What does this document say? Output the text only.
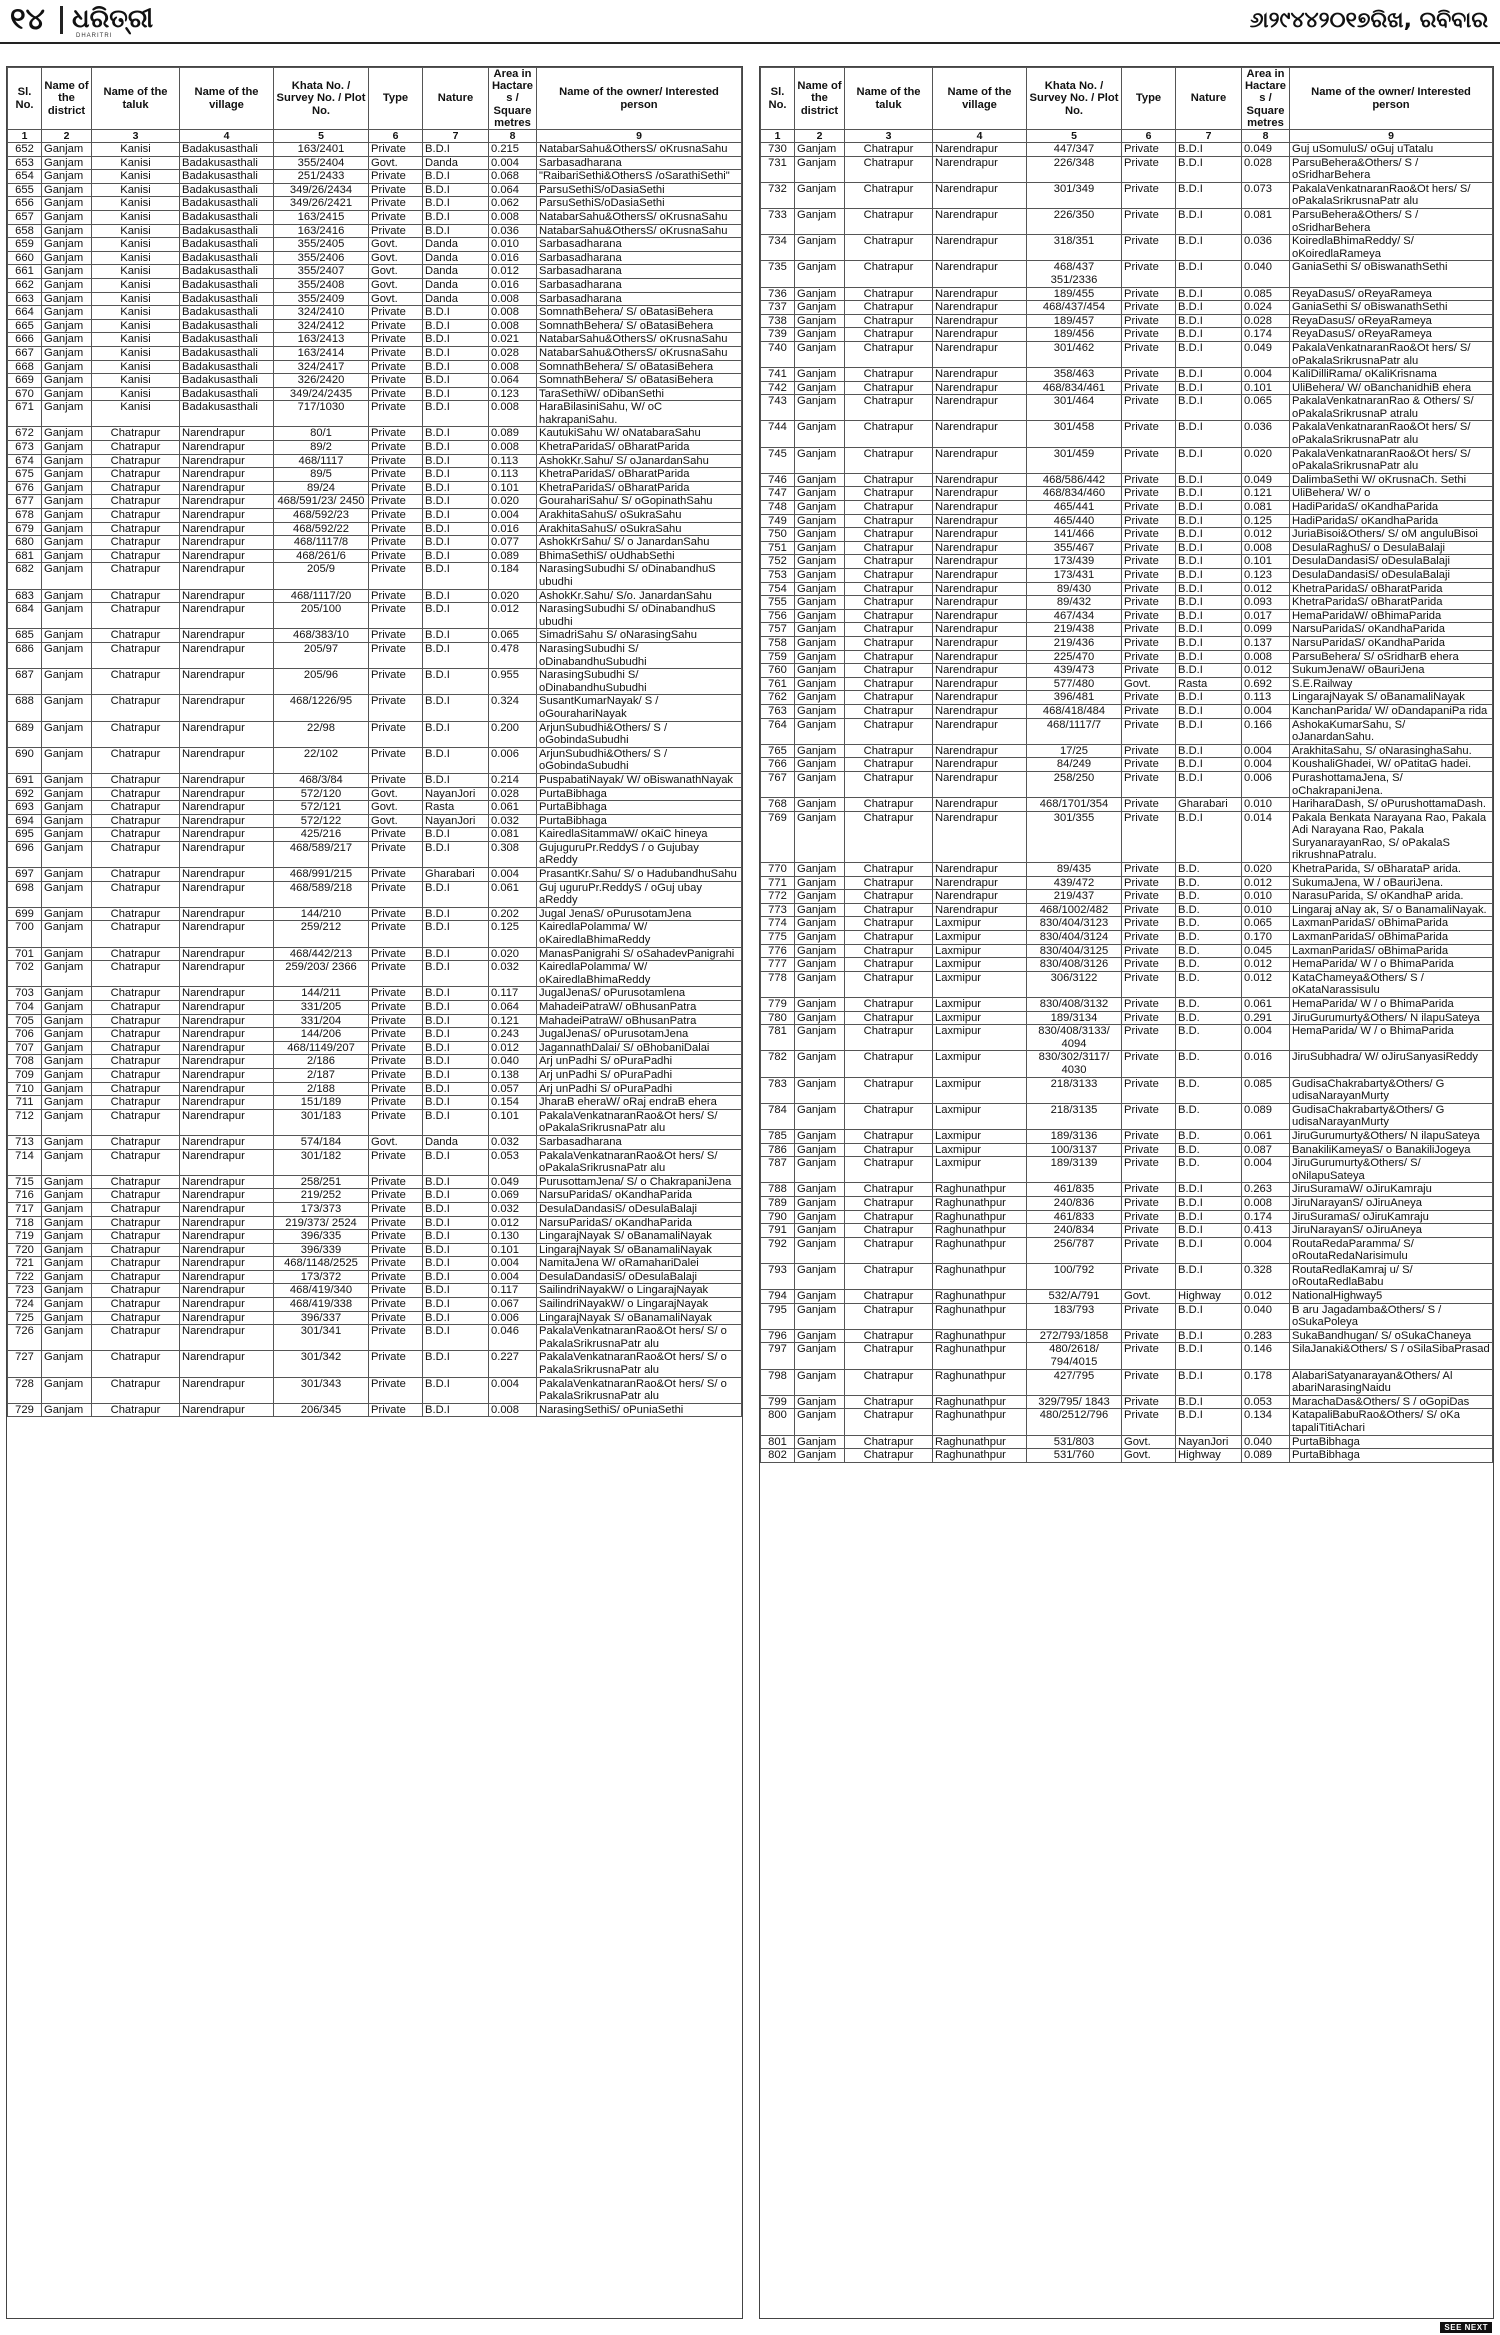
୧୪ ଧରିତ୍ରୀ
DHARITRI
୬ା୨୯୪୪୨୦୧୭ରିଖ, ରବିବାର
Sl. No.	Name of the district	Name of the taluk	Name of the village	Khata No. / Survey No. / Plot No.	Type	Nature	Area in Hactares / Square metres	Name of the owner/ Interested person
1	2	3	4	5	6	7	8	9
652	Ganjam	Kanisi	Badakusasthali	163/2401	Private	B.D.I	0.215	NatabarSahu&OthersS/ oKrusnaSahu
653	Ganjam	Kanisi	Badakusasthali	355/2404	Govt.	Danda	0.004	Sarbasadharana
654	Ganjam	Kanisi	Badakusasthali	251/2433	Private	B.D.I	0.068	"RaibariSethi&OthersS /oSarathiSethi"
655	Ganjam	Kanisi	Badakusasthali	349/26/2434	Private	B.D.I	0.064	ParsuSethiS/oDasiaSethi
656	Ganjam	Kanisi	Badakusasthali	349/26/2421	Private	B.D.I	0.062	ParsuSethiS/oDasiaSethi
657	Ganjam	Kanisi	Badakusasthali	163/2415	Private	B.D.I	0.008	NatabarSahu&OthersS/ oKrusnaSahu
658	Ganjam	Kanisi	Badakusasthali	163/2416	Private	B.D.I	0.036	NatabarSahu&OthersS/ oKrusnaSahu
659	Ganjam	Kanisi	Badakusasthali	355/2405	Govt.	Danda	0.010	Sarbasadharana
660	Ganjam	Kanisi	Badakusasthali	355/2406	Govt.	Danda	0.016	Sarbasadharana
661	Ganjam	Kanisi	Badakusasthali	355/2407	Govt.	Danda	0.012	Sarbasadharana
662	Ganjam	Kanisi	Badakusasthali	355/2408	Govt.	Danda	0.016	Sarbasadharana
663	Ganjam	Kanisi	Badakusasthali	355/2409	Govt.	Danda	0.008	Sarbasadharana
664	Ganjam	Kanisi	Badakusasthali	324/2410	Private	B.D.I	0.008	SomnathBehera/ S/ oBatasiBehera
665	Ganjam	Kanisi	Badakusasthali	324/2412	Private	B.D.I	0.008	SomnathBehera/ S/ oBatasiBehera
666	Ganjam	Kanisi	Badakusasthali	163/2413	Private	B.D.I	0.021	NatabarSahu&OthersS/ oKrusnaSahu
667	Ganjam	Kanisi	Badakusasthali	163/2414	Private	B.D.I	0.028	NatabarSahu&OthersS/ oKrusnaSahu
668	Ganjam	Kanisi	Badakusasthali	324/2417	Private	B.D.I	0.008	SomnathBehera/ S/ oBatasiBehera
669	Ganjam	Kanisi	Badakusasthali	326/2420	Private	B.D.I	0.064	SomnathBehera/ S/ oBatasiBehera
670	Ganjam	Kanisi	Badakusasthali	349/24/2435	Private	B.D.I	0.123	TaraSethiW/ oDibanSethi
671	Ganjam	Kanisi	Badakusasthali	717/1030	Private	B.D.I	0.008	HaraBilasiniSahu, W/ oC hakrapaniSahu.
672	Ganjam	Chatrapur	Narendrapur	80/1	Private	B.D.I	0.089	KautukiSahu W/ oNatabaraSahu
673	Ganjam	Chatrapur	Narendrapur	89/2	Private	B.D.I	0.008	KhetraParidaS/ oBharatParida
674	Ganjam	Chatrapur	Narendrapur	468/1117	Private	B.D.I	0.113	AshokKr.Sahu/ S/ oJanardanSahu
675	Ganjam	Chatrapur	Narendrapur	89/5	Private	B.D.I	0.113	KhetraParidaS/ oBharatParida
676	Ganjam	Chatrapur	Narendrapur	89/24	Private	B.D.I	0.101	KhetraParidaS/ oBharatParida
677	Ganjam	Chatrapur	Narendrapur	468/591/23/ 2450	Private	B.D.I	0.020	GourahariSahu/ S/ oGopinathSahu
678	Ganjam	Chatrapur	Narendrapur	468/592/23	Private	B.D.I	0.004	ArakhitaSahuS/ oSukraSahu
679	Ganjam	Chatrapur	Narendrapur	468/592/22	Private	B.D.I	0.016	ArakhitaSahuS/ oSukraSahu
680	Ganjam	Chatrapur	Narendrapur	468/1117/8	Private	B.D.I	0.077	AshokKrSahu/ S/ o JanardanSahu
681	Ganjam	Chatrapur	Narendrapur	468/261/6	Private	B.D.I	0.089	BhimaSethiS/ oUdhabSethi
682	Ganjam	Chatrapur	Narendrapur	205/9	Private	B.D.I	0.184	NarasingSubudhi S/ oDinabandhuS ubudhi
683	Ganjam	Chatrapur	Narendrapur	468/1117/20	Private	B.D.I	0.020	AshokKr.Sahu/ S/o. JanardanSahu
684	Ganjam	Chatrapur	Narendrapur	205/100	Private	B.D.I	0.012	NarasingSubudhi S/ oDinabandhuS ubudhi
685	Ganjam	Chatrapur	Narendrapur	468/383/10	Private	B.D.I	0.065	SimadriSahu S/ oNarasingSahu
686	Ganjam	Chatrapur	Narendrapur	205/97	Private	B.D.I	0.478	NarasingSubudhi S/ oDinabandhuSubudhi
687	Ganjam	Chatrapur	Narendrapur	205/96	Private	B.D.I	0.955	NarasingSubudhi S/ oDinabandhuSubudhi
688	Ganjam	Chatrapur	Narendrapur	468/1226/95	Private	B.D.I	0.324	SusantKumarNayak/ S / oGourahariNayak
689	Ganjam	Chatrapur	Narendrapur	22/98	Private	B.D.I	0.200	ArjunSubudhi&Others/ S / oGobindaSubudhi
690	Ganjam	Chatrapur	Narendrapur	22/102	Private	B.D.I	0.006	ArjunSubudhi&Others/ S / oGobindaSubudhi
691	Ganjam	Chatrapur	Narendrapur	468/3/84	Private	B.D.I	0.214	PuspabatiNayak/ W/ oBiswanathNayak
692	Ganjam	Chatrapur	Narendrapur	572/120	Govt.	NayanJori	0.028	PurtaBibhaga
693	Ganjam	Chatrapur	Narendrapur	572/121	Govt.	Rasta	0.061	PurtaBibhaga
694	Ganjam	Chatrapur	Narendrapur	572/122	Govt.	NayanJori	0.032	PurtaBibhaga
695	Ganjam	Chatrapur	Narendrapur	425/216	Private	B.D.I	0.081	KairedlaSitammaW/ oKaiC hineya
696	Ganjam	Chatrapur	Narendrapur	468/589/217	Private	B.D.I	0.308	GujuguruPr.ReddyS / o Gujubay aReddy
697	Ganjam	Chatrapur	Narendrapur	468/991/215	Private	Gharabari	0.004	PrasantKr.Sahu/ S/ o HadubandhuSahu
698	Ganjam	Chatrapur	Narendrapur	468/589/218	Private	B.D.I	0.061	Guj uguruPr.ReddyS / oGuj ubay aReddy
699	Ganjam	Chatrapur	Narendrapur	144/210	Private	B.D.I	0.202	Jugal JenaS/ oPurusotamJena
700	Ganjam	Chatrapur	Narendrapur	259/212	Private	B.D.I	0.125	KairedlaPolamma/ W/ oKairedlaBhimaReddy
701	Ganjam	Chatrapur	Narendrapur	468/442/213	Private	B.D.I	0.020	ManasPanigrahi S/ oSahadevPanigrahi
702	Ganjam	Chatrapur	Narendrapur	259/203/ 2366	Private	B.D.I	0.032	KairedlaPolamma/ W/ oKairedlaBhimaReddy
703	Ganjam	Chatrapur	Narendrapur	144/211	Private	B.D.I	0.117	JugalJenaS/ oPurusotamlena
704	Ganjam	Chatrapur	Narendrapur	331/205	Private	B.D.I	0.064	MahadeiPatraW/ oBhusanPatra
705	Ganjam	Chatrapur	Narendrapur	331/204	Private	B.D.I	0.121	MahadeiPatraW/ oBhusanPatra
706	Ganjam	Chatrapur	Narendrapur	144/206	Private	B.D.I	0.243	JugalJenaS/ oPurusotamJena
707	Ganjam	Chatrapur	Narendrapur	468/1149/207	Private	B.D.I	0.012	JagannathDalai/ S/ oBhobaniDalai
708	Ganjam	Chatrapur	Narendrapur	2/186	Private	B.D.I	0.040	Arj unPadhi S/ oPuraPadhi
709	Ganjam	Chatrapur	Narendrapur	2/187	Private	B.D.I	0.138	Arj unPadhi S/ oPuraPadhi
710	Ganjam	Chatrapur	Narendrapur	2/188	Private	B.D.I	0.057	Arj unPadhi S/ oPuraPadhi
711	Ganjam	Chatrapur	Narendrapur	151/189	Private	B.D.I	0.154	JharaB eheraW/ oRaj endraB ehera
712	Ganjam	Chatrapur	Narendrapur	301/183	Private	B.D.I	0.101	PakalaVenkatnaranRao&Ot hers/ S/ oPakalaSrikrusnaPatr alu
713	Ganjam	Chatrapur	Narendrapur	574/184	Govt.	Danda	0.032	Sarbasadharana
714	Ganjam	Chatrapur	Narendrapur	301/182	Private	B.D.I	0.053	PakalaVenkatnaranRao&Ot hers/ S/ oPakalaSrikrusnaPatr alu
715	Ganjam	Chatrapur	Narendrapur	258/251	Private	B.D.I	0.049	PurusottamJena/ S/ o ChakrapaniJena
716	Ganjam	Chatrapur	Narendrapur	219/252	Private	B.D.I	0.069	NarsuParidaS/ oKandhaParida
717	Ganjam	Chatrapur	Narendrapur	173/373	Private	B.D.I	0.032	DesulaDandasiS/ oDesulaBalaji
718	Ganjam	Chatrapur	Narendrapur	219/373/ 2524	Private	B.D.I	0.012	NarsuParidaS/ oKandhaParida
719	Ganjam	Chatrapur	Narendrapur	396/335	Private	B.D.I	0.130	LingarajNayak S/ oBanamaliNayak
720	Ganjam	Chatrapur	Narendrapur	396/339	Private	B.D.I	0.101	LingarajNayak S/ oBanamaliNayak
721	Ganjam	Chatrapur	Narendrapur	468/1148/2525	Private	B.D.I	0.004	NamitaJena W/ oRamahariDalei
722	Ganjam	Chatrapur	Narendrapur	173/372	Private	B.D.I	0.004	DesulaDandasiS/ oDesulaBalaji
723	Ganjam	Chatrapur	Narendrapur	468/419/340	Private	B.D.I	0.117	SailindriNayakW/ o LingarajNayak
724	Ganjam	Chatrapur	Narendrapur	468/419/338	Private	B.D.I	0.067	SailindriNayakW/ o LingarajNayak
725	Ganjam	Chatrapur	Narendrapur	396/337	Private	B.D.I	0.006	LingarajNayak S/ oBanamaliNayak
726	Ganjam	Chatrapur	Narendrapur	301/341	Private	B.D.I	0.046	PakalaVenkatnaranRao&Ot hers/ S/ o PakalaSrikrusnaPatr alu
727	Ganjam	Chatrapur	Narendrapur	301/342	Private	B.D.I	0.227	PakalaVenkatnaranRao&Ot hers/ S/ o PakalaSrikrusnaPatr alu
728	Ganjam	Chatrapur	Narendrapur	301/343	Private	B.D.I	0.004	PakalaVenkatnaranRao&Ot hers/ S/ o PakalaSrikrusnaPatr alu
729	Ganjam	Chatrapur	Narendrapur	206/345	Private	B.D.I	0.008	NarasingSethiS/ oPuniaSethi
Sl. No.	Name of the district	Name of the taluk	Name of the village	Khata No. / Survey No. / Plot No.	Type	Nature	Area in Hactares / Square metres	Name of the owner/ Interested person
1	2	3	4	5	6	7	8	9
730	Ganjam	Chatrapur	Narendrapur	447/347	Private	B.D.I	0.049	Guj uSomuluS/ oGuj uTatalu
731	Ganjam	Chatrapur	Narendrapur	226/348	Private	B.D.I	0.028	ParsuBehera&Others/ S / oSridharBehera
732	Ganjam	Chatrapur	Narendrapur	301/349	Private	B.D.I	0.073	PakalaVenkatnaranRao&Ot hers/ S/ oPakalaSrikrusnaPatr alu
733	Ganjam	Chatrapur	Narendrapur	226/350	Private	B.D.I	0.081	ParsuBehera&Others/ S / oSridharBehera
734	Ganjam	Chatrapur	Narendrapur	318/351	Private	B.D.I	0.036	KoiredlaBhimaReddy/ S/ oKoiredlaRameya
735	Ganjam	Chatrapur	Narendrapur	468/437 351/2336	Private	B.D.I	0.040	GaniaSethi S/ oBiswanathSethi
736	Ganjam	Chatrapur	Narendrapur	189/455	Private	B.D.I	0.085	ReyaDasuS/ oReyaRameya
737	Ganjam	Chatrapur	Narendrapur	468/437/454	Private	B.D.I	0.024	GaniaSethi S/ oBiswanathSethi
738	Ganjam	Chatrapur	Narendrapur	189/457	Private	B.D.I	0.028	ReyaDasuS/ oReyaRameya
739	Ganjam	Chatrapur	Narendrapur	189/456	Private	B.D.I	0.174	ReyaDasuS/ oReyaRameya
740	Ganjam	Chatrapur	Narendrapur	301/462	Private	B.D.I	0.049	PakalaVenkatnaranRao&Ot hers/ S/ oPakalaSrikrusnaPatr alu
741	Ganjam	Chatrapur	Narendrapur	358/463	Private	B.D.I	0.004	KaliDilliRama/ oKaliKrisnama
742	Ganjam	Chatrapur	Narendrapur	468/834/461	Private	B.D.I	0.101	UliBehera/ W/ oBanchanidhiB ehera
743	Ganjam	Chatrapur	Narendrapur	301/464	Private	B.D.I	0.065	PakalaVenkatnaranRao & Others/ S/ oPakalaSrikrusnaP atralu
744	Ganjam	Chatrapur	Narendrapur	301/458	Private	B.D.I	0.036	PakalaVenkatnaranRao&Ot hers/ S/ oPakalaSrikrusnaPatr alu
745	Ganjam	Chatrapur	Narendrapur	301/459	Private	B.D.I	0.020	PakalaVenkatnaranRao&Ot hers/ S/ oPakalaSrikrusnaPatr alu
746	Ganjam	Chatrapur	Narendrapur	468/586/442	Private	B.D.I	0.049	DalimbaSethi W/ oKrusnaCh. Sethi
747	Ganjam	Chatrapur	Narendrapur	468/834/460	Private	B.D.I	0.121	UliBehera/ W/ o
748	Ganjam	Chatrapur	Narendrapur	465/441	Private	B.D.I	0.081	HadiParidaS/ oKandhaParida
749	Ganjam	Chatrapur	Narendrapur	465/440	Private	B.D.I	0.125	HadiParidaS/ oKandhaParida
750	Ganjam	Chatrapur	Narendrapur	141/466	Private	B.D.I	0.012	JuriaBisoi&Others/ S/ oM anguluBisoi
751	Ganjam	Chatrapur	Narendrapur	355/467	Private	B.D.I	0.008	DesulaRaghuS/ o DesulaBalaji
752	Ganjam	Chatrapur	Narendrapur	173/439	Private	B.D.I	0.101	DesulaDandasiS/ oDesulaBalaji
753	Ganjam	Chatrapur	Narendrapur	173/431	Private	B.D.I	0.123	DesulaDandasiS/ oDesulaBalaji
754	Ganjam	Chatrapur	Narendrapur	89/430	Private	B.D.I	0.012	KhetraParidaS/ oBharatParida
755	Ganjam	Chatrapur	Narendrapur	89/432	Private	B.D.I	0.093	KhetraParidaS/ oBharatParida
756	Ganjam	Chatrapur	Narendrapur	467/434	Private	B.D.I	0.017	HemaParidaW/ oBhimaParida
757	Ganjam	Chatrapur	Narendrapur	219/438	Private	B.D.I	0.099	NarsuParidaS/ oKandhaParida
758	Ganjam	Chatrapur	Narendrapur	219/436	Private	B.D.I	0.137	NarsuParidaS/ oKandhaParida
759	Ganjam	Chatrapur	Narendrapur	225/470	Private	B.D.I	0.008	ParsuBehera/ S/ oSridharB ehera
760	Ganjam	Chatrapur	Narendrapur	439/473	Private	B.D.I	0.012	SukumJenaW/ oBauriJena
761	Ganjam	Chatrapur	Narendrapur	577/480	Govt.	Rasta	0.692	S.E.Railway
762	Ganjam	Chatrapur	Narendrapur	396/481	Private	B.D.I	0.113	LingarajNayak S/ oBanamaliNayak
763	Ganjam	Chatrapur	Narendrapur	468/418/484	Private	B.D.I	0.004	KanchanParida/ W/ oDandapaniPa rida
764	Ganjam	Chatrapur	Narendrapur	468/1117/7	Private	B.D.I	0.166	AshokaKumarSahu, S/ oJanardanSahu.
765	Ganjam	Chatrapur	Narendrapur	17/25	Private	B.D.I	0.004	ArakhitaSahu, S/ oNarasinghaSahu.
766	Ganjam	Chatrapur	Narendrapur	84/249	Private	B.D.I	0.004	KoushaliGhadei, W/ oPatitaG hadei.
767	Ganjam	Chatrapur	Narendrapur	258/250	Private	B.D.I	0.006	PurashottamaJena, S/ oChakrapaniJena.
768	Ganjam	Chatrapur	Narendrapur	468/1701/354	Private	Gharabari	0.010	HariharaDash, S/ oPurushottamaDash.
769	Ganjam	Chatrapur	Narendrapur	301/355	Private	B.D.I	0.014	Pakala Benkata Narayana Rao, Pakala Adi Narayana Rao, Pakala SuryanarayanRao, S/ oPakalaS rikrushnaPatralu.
770	Ganjam	Chatrapur	Narendrapur	89/435	Private	B.D.	0.020	KhetraParida, S/ oBharataP arida.
771	Ganjam	Chatrapur	Narendrapur	439/472	Private	B.D.	0.012	SukumaJena, W / oBauriJena.
772	Ganjam	Chatrapur	Narendrapur	219/437	Private	B.D.	0.010	NarasuParida, S/ oKandhaP arida.
773	Ganjam	Chatrapur	Narendrapur	468/1002/482	Private	B.D.	0.010	Lingaraj aNay ak, S/ o BanamaliNayak.
774	Ganjam	Chatrapur	Laxmipur	830/404/3123	Private	B.D.	0.065	LaxmanParidaS/ oBhimaParida
775	Ganjam	Chatrapur	Laxmipur	830/404/3124	Private	B.D.	0.170	LaxmanParidaS/ oBhimaParida
776	Ganjam	Chatrapur	Laxmipur	830/404/3125	Private	B.D.	0.045	LaxmanParidaS/ oBhimaParida
777	Ganjam	Chatrapur	Laxmipur	830/408/3126	Private	B.D.	0.012	HemaParida/ W / o BhimaParida
778	Ganjam	Chatrapur	Laxmipur	306/3122	Private	B.D.	0.012	KataChameya&Others/ S / oKataNarassisulu
779	Ganjam	Chatrapur	Laxmipur	830/408/3132	Private	B.D.	0.061	HemaParida/ W / o BhimaParida
780	Ganjam	Chatrapur	Laxmipur	189/3134	Private	B.D.	0.291	JiruGurumurty&Others/ N ilapuSateya
781	Ganjam	Chatrapur	Laxmipur	830/408/3133/ 4094	Private	B.D.	0.004	HemaParida/ W / o BhimaParida
782	Ganjam	Chatrapur	Laxmipur	830/302/3117/ 4030	Private	B.D.	0.016	JiruSubhadra/ W/ oJiruSanyasiReddy
783	Ganjam	Chatrapur	Laxmipur	218/3133	Private	B.D.	0.085	GudisaChakrabarty&Others/ G udisaNarayanMurty
784	Ganjam	Chatrapur	Laxmipur	218/3135	Private	B.D.	0.089	GudisaChakrabarty&Others/ G udisaNarayanMurty
785	Ganjam	Chatrapur	Laxmipur	189/3136	Private	B.D.	0.061	JiruGurumurty&Others/ N ilapuSateya
786	Ganjam	Chatrapur	Laxmipur	100/3137	Private	B.D.	0.087	BanakiliKameyaS/ o BanakiliJogeya
787	Ganjam	Chatrapur	Laxmipur	189/3139	Private	B.D.	0.004	JiruGurumurty&Others/ S/ oNilapuSateya
788	Ganjam	Chatrapur	Raghunathpur	461/835	Private	B.D.I	0.263	JiruSuramaW/ oJiruKamraju
789	Ganjam	Chatrapur	Raghunathpur	240/836	Private	B.D.I	0.008	JiruNarayanS/ oJiruAneya
790	Ganjam	Chatrapur	Raghunathpur	461/833	Private	B.D.I	0.174	JiruSuramaS/ oJiruKamraju
791	Ganjam	Chatrapur	Raghunathpur	240/834	Private	B.D.I	0.413	JiruNarayanS/ oJiruAneya
792	Ganjam	Chatrapur	Raghunathpur	256/787	Private	B.D.I	0.004	RoutaRedaParamma/ S/ oRoutaRedaNarisimulu
793	Ganjam	Chatrapur	Raghunathpur	100/792	Private	B.D.I	0.328	RoutaRedlaKamraj u/ S/ oRoutaRedlaBabu
794	Ganjam	Chatrapur	Raghunathpur	532/A/791	Govt.	Highway	0.012	NationalHighway5
795	Ganjam	Chatrapur	Raghunathpur	183/793	Private	B.D.I	0.040	B aru Jagadamba&Others/ S / oSukaPoleya
796	Ganjam	Chatrapur	Raghunathpur	272/793/1858	Private	B.D.I	0.283	SukaBandhugan/ S/ oSukaChaneya
797	Ganjam	Chatrapur	Raghunathpur	480/2618/ 794/4015	Private	B.D.I	0.146	SilaJanaki&Others/ S / oSilaSibaPrasad
798	Ganjam	Chatrapur	Raghunathpur	427/795	Private	B.D.I	0.178	AlabariSatyanarayan&Others/ Al abariNarasingNaidu
799	Ganjam	Chatrapur	Raghunathpur	329/795/ 1843	Private	B.D.I	0.053	MarachaDas&Others/ S / oGopiDas
800	Ganjam	Chatrapur	Raghunathpur	480/2512/796	Private	B.D.I	0.134	KatapaliBabuRao&Others/ S/ oKa tapaliTitiAchari
801	Ganjam	Chatrapur	Raghunathpur	531/803	Govt.	NayanJori	0.040	PurtaBibhaga
802	Ganjam	Chatrapur	Raghunathpur	531/760	Govt.	Highway	0.089	PurtaBibhaga
SEE NEXT
